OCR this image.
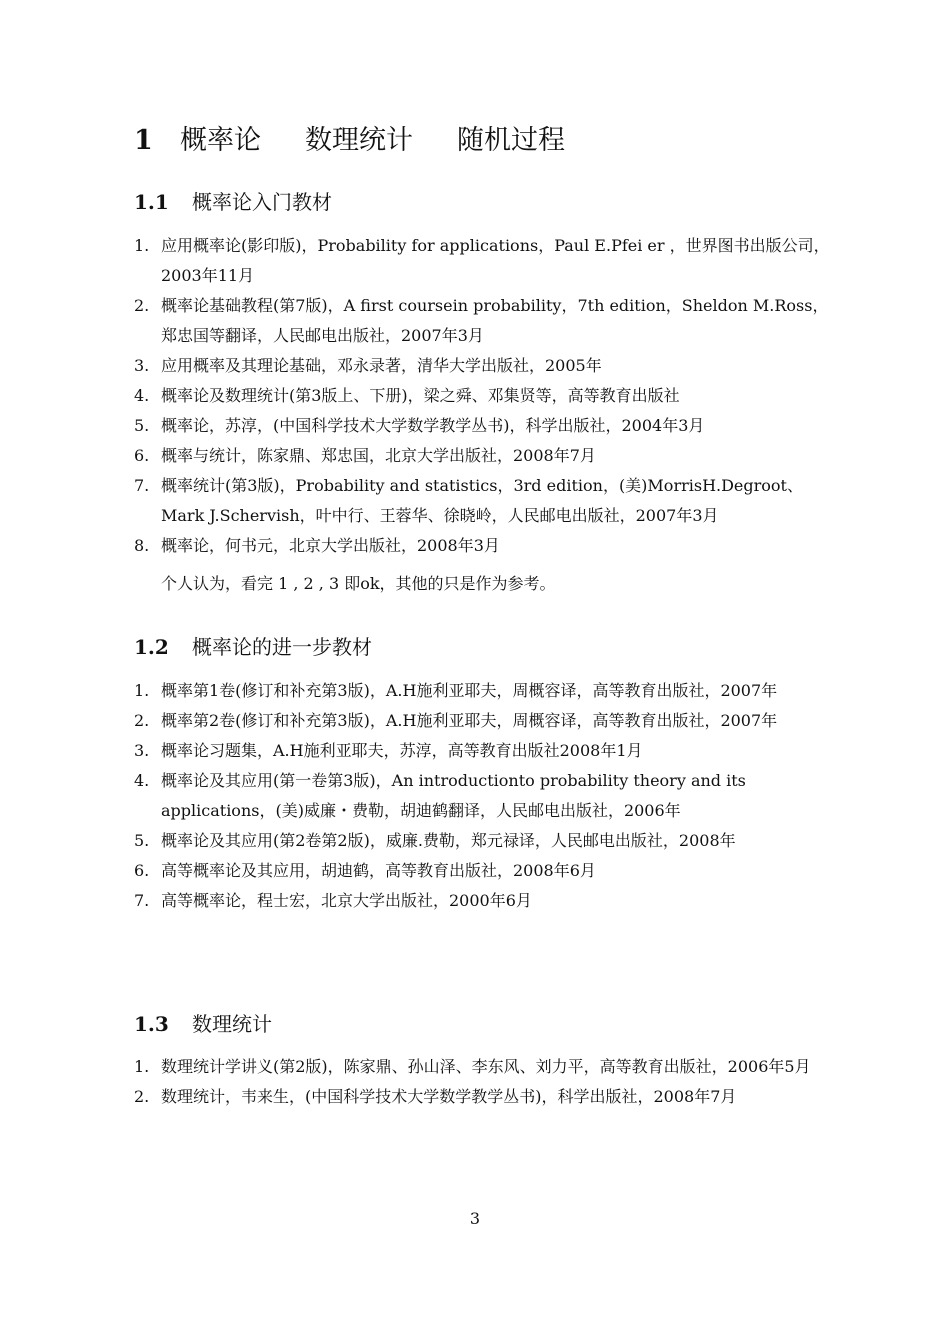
1	概率论 数理统计 随机过程
1.1	概率论入门教材
1. 应用概率论(影印版)，Probability for applications，Paul E.Pfei er ，世界图书出版公司，2003年11月
2. 概率论基础教程(第7版)，A first coursein probability，7th edition，Sheldon M.Ross，郑忠国等翻译，人民邮电出版社，2007年3月
3. 应用概率及其理论基础，邓永录著，清华大学出版社，2005年
4. 概率论及数理统计(第3版上、下册)，梁之舜、邓集贤等，高等教育出版社
5. 概率论，苏淳，(中国科学技术大学数学教学丛书)，科学出版社，2004年3月
6. 概率与统计，陈家鼎、郑忠国，北京大学出版社，2008年7月
7. 概率统计(第3版)，Probability and statistics，3rd edition，(美)MorrisH.Degroot、Mark J.Schervish，叶中行、王蓉华、徐晓岭，人民邮电出版社，2007年3月
8. 概率论，何书元，北京大学出版社，2008年3月
个人认为，看完 1 , 2 , 3 即ok，其他的只是作为参考。
1.2	概率论的进一步教材
1. 概率第1卷(修订和补充第3版)，A.H施利亚耶夫，周概容译，高等教育出版社，2007年
2. 概率第2卷(修订和补充第3版)，A.H施利亚耶夫，周概容译，高等教育出版社，2007年
3. 概率论习题集，A.H施利亚耶夫，苏淳，高等教育出版社2008年1月
4. 概率论及其应用(第一卷第3版)，An introductionto probability theory and its applications，(美)威廉・费勒，胡迪鹤翻译，人民邮电出版社，2006年
5. 概率论及其应用(第2卷第2版)，威廉.费勒，郑元禄译，人民邮电出版社，2008年
6. 高等概率论及其应用，胡迪鹤，高等教育出版社，2008年6月
7. 高等概率论，程士宏，北京大学出版社，2000年6月
1.3	数理统计
1. 数理统计学讲义(第2版)，陈家鼎、孙山泽、李东风、刘力平，高等教育出版社，2006年5月
2. 数理统计，韦来生，(中国科学技术大学数学教学丛书)，科学出版社，2008年7月
3
